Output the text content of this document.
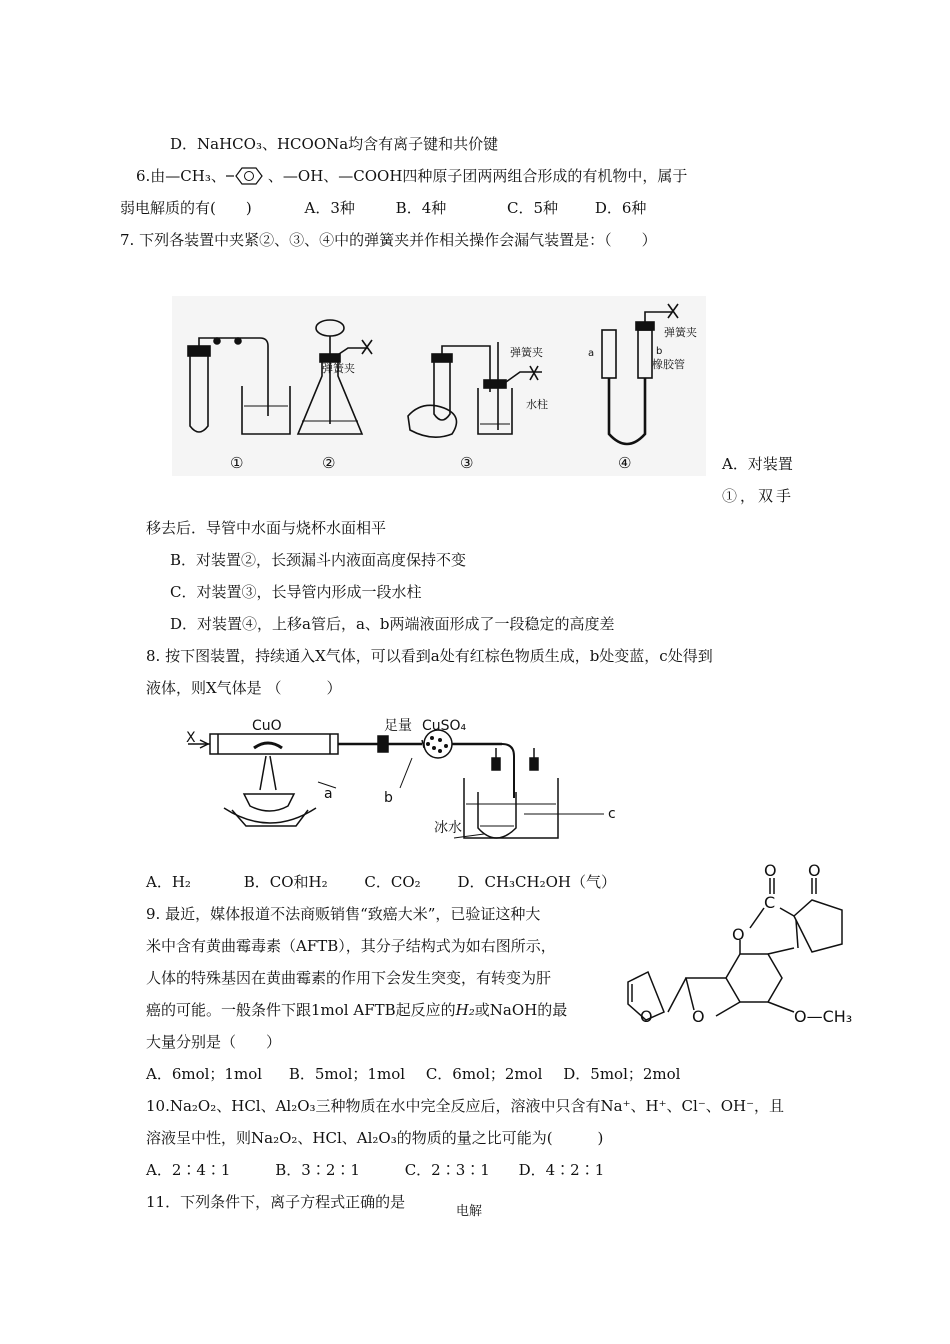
D．NaHCO₃、HCOONa均含有离子键和共价键
6.由—CH₃、	、—OH、—COOH四种原子团两两组合形成的有机物中，属于
弱电解质的有(　　)	A．3种	B．4种	C．5种 D．6种
7. 下列各装置中夹紧②、③、④中的弹簧夹并作相关操作会漏气装置是：（　　）
弹簧夹
弹簧夹
水柱
弹簧夹
橡胶管
a	b
①	②	③	④	A．对装置
①，双手
移去后．导管中水面与烧杯水面相平
B．对装置②，长颈漏斗内液面高度保持不变
C．对装置③，长导管内形成一段水柱
D．对装置④，上移a管后，a、b两端液面形成了一段稳定的高度差
8. 按下图装置，持续通入X气体，可以看到a处有红棕色物质生成，b处变蓝，c处得到
液体，则X气体是 （　　　）
X
CuO	足量 CuSO₄
a	b
c
冰水
A．H₂	B．CO和H₂ C．CO₂ D．CH₃CH₂OH（气）
9. 最近，媒体报道不法商贩销售“致癌大米”，已验证这种大
米中含有黄曲霉毒素（AFTB），其分子结构式为如右图所示，
人体的特殊基因在黄曲霉素的作用下会发生突变，有转变为肝
癌的可能。一般条件下跟1mol AFTB起反应的H₂或NaOH的最
大量分别是（　　）
O O
C
O
O O	O—CH₃
A．6mol；1mol B．5mol；1mol C．6mol；2mol D．5mol；2mol
10.Na₂O₂、HCl、Al₂O₃三种物质在水中完全反应后，溶液中只含有Na⁺、H⁺、Cl⁻、OH⁻，且
溶液呈中性，则Na₂O₂、HCl、Al₂O₃的物质的量之比可能为(　　　)
A．2∶4∶1	B．3∶2∶1	C．2∶3∶1 D．4∶2∶1
11．下列条件下，离子方程式正确的是
电解
